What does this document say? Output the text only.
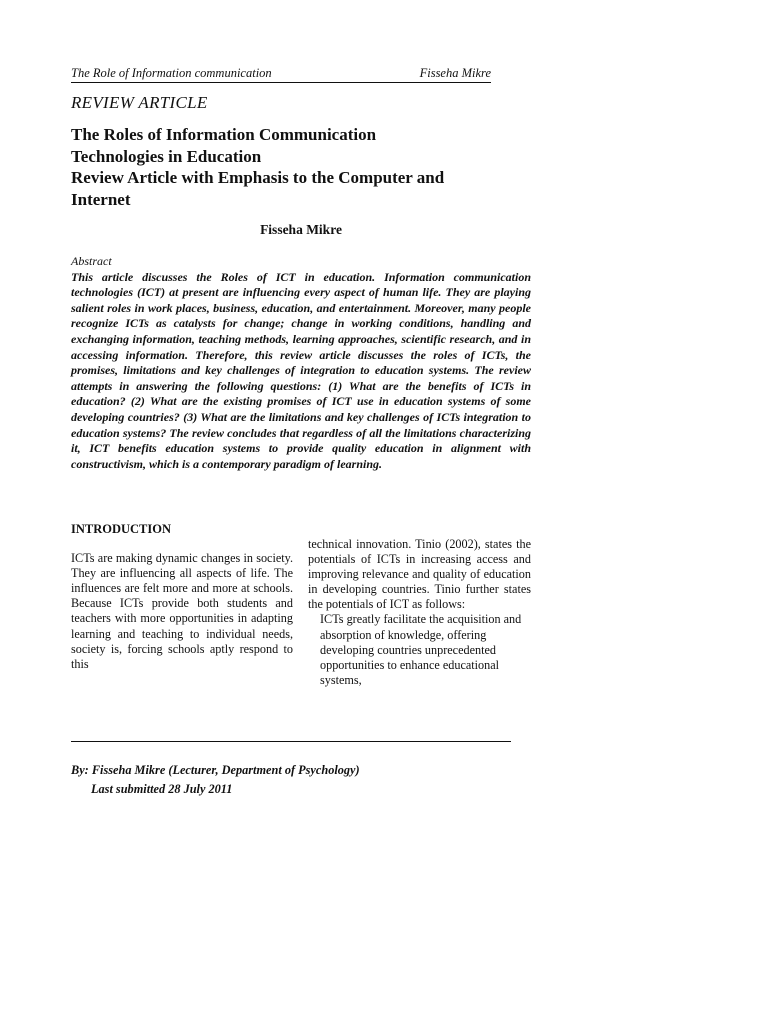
The Role of Information communication	Fisseha Mikre
REVIEW ARTICLE
The Roles of Information Communication
Technologies in Education
Review Article with Emphasis to the Computer and
Internet
Fisseha Mikre
Abstract
This article discusses the Roles of ICT in education. Information communication technologies (ICT) at present are influencing every aspect of human life. They are playing salient roles in work places, business, education, and entertainment. Moreover, many people recognize ICTs as catalysts for change; change in working conditions, handling and exchanging information, teaching methods, learning approaches, scientific research, and in accessing information. Therefore, this review article discusses the roles of ICTs, the promises, limitations and key challenges of integration to education systems. The review attempts in answering the following questions: (1) What are the benefits of ICTs in education? (2) What are the existing promises of ICT use in education systems of some developing countries? (3) What are the limitations and key challenges of ICTs integration to education systems? The review concludes that regardless of all the limitations characterizing it, ICT benefits education systems to provide quality education in alignment with constructivism, which is a contemporary paradigm of learning.
INTRODUCTION

ICTs are making dynamic changes in society. They are influencing all aspects of life. The influences are felt more and more at schools. Because ICTs provide both students and teachers with more opportunities in adapting learning and teaching to individual needs, society is, forcing schools aptly respond to this

technical innovation. Tinio (2002), states the potentials of ICTs in increasing access and improving relevance and quality of education in developing countries. Tinio further states the potentials of ICT as follows:

ICTs greatly facilitate the acquisition and absorption of knowledge, offering developing countries unprecedented opportunities to enhance educational systems,

By: Fisseha Mikre (Lecturer, Department of Psychology)
Last submitted 28 July 2011
